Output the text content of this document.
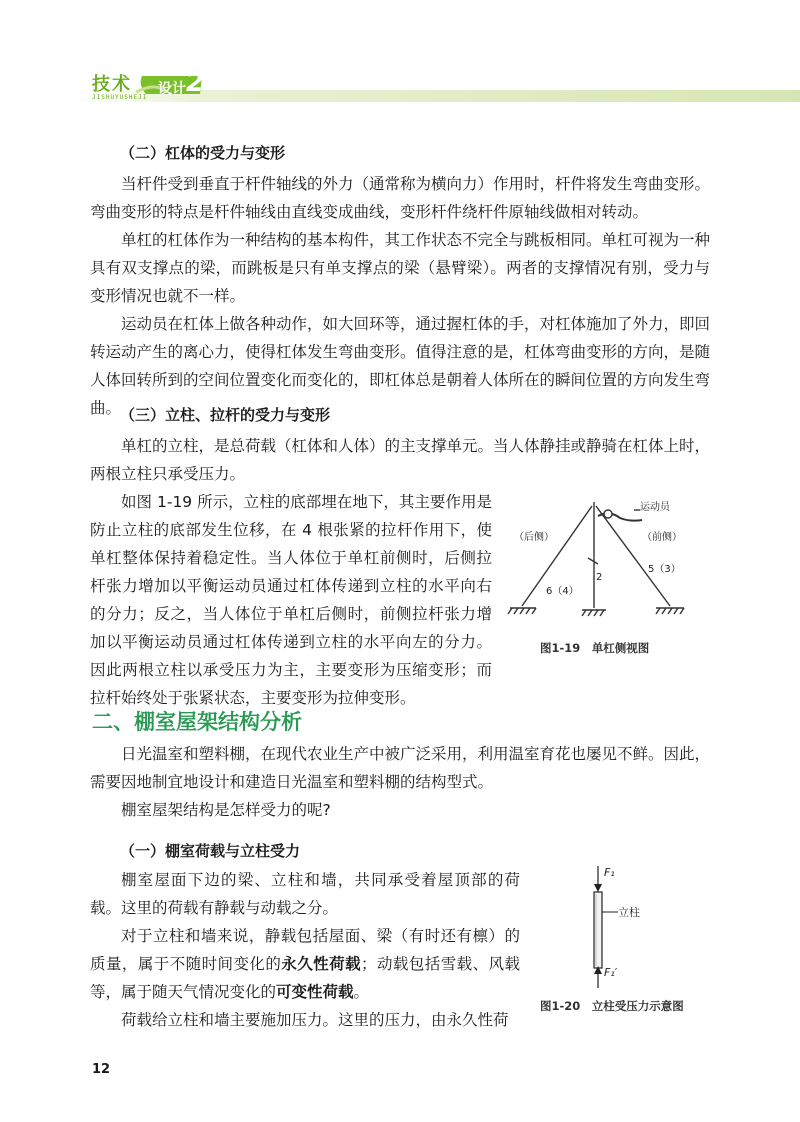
技术
JISHUYUSHEJI
设计 2
（二）杠体的受力与变形

当杆件受到垂直于杆件轴线的外力（通常称为横向力）作用时，杆件将发生弯曲变形。弯曲变形的特点是杆件轴线由直线变成曲线，变形杆件绕杆件原轴线做相对转动。

单杠的杠体作为一种结构的基本构件，其工作状态不完全与跳板相同。单杠可视为一种具有双支撑点的梁，而跳板是只有单支撑点的梁（悬臂梁）。两者的支撑情况有别，受力与变形情况也就不一样。

运动员在杠体上做各种动作，如大回环等，通过握杠体的手，对杠体施加了外力，即回转运动产生的离心力，使得杠体发生弯曲变形。值得注意的是，杠体弯曲变形的方向，是随人体回转所到的空间位置变化而变化的，即杠体总是朝着人体所在的瞬间位置的方向发生弯曲。

（三）立柱、拉杆的受力与变形

单杠的立柱，是总荷载（杠体和人体）的主支撑单元。当人体静挂或静骑在杠体上时，两根立柱只承受压力。

如图 1-19 所示，立柱的底部埋在地下，其主要作用是防止立柱的底部发生位移，在 4 根张紧的拉杆作用下，使单杠整体保持着稳定性。当人体位于单杠前侧时，后侧拉杆张力增加以平衡运动员通过杠体传递到立柱的水平向右的分力；反之，当人体位于单杠后侧时，前侧拉杆张力增加以平衡运动员通过杠体传递到立柱的水平向左的分力。因此两根立柱以承受压力为主，主要变形为压缩变形；而拉杆始终处于张紧状态，主要变形为拉伸变形。

运动员
（后侧）	（前侧）
2
5（3）
6（4）
图1-19　单杠侧视图
二、棚室屋架结构分析

日光温室和塑料棚，在现代农业生产中被广泛采用，利用温室育花也屡见不鲜。因此，需要因地制宜地设计和建造日光温室和塑料棚的结构型式。

棚室屋架结构是怎样受力的呢?

（一）棚室荷载与立柱受力

棚室屋面下边的梁、立柱和墙，共同承受着屋顶部的荷载。这里的荷载有静载与动载之分。

对于立柱和墙来说，静载包括屋面、梁（有时还有檩）的质量，属于不随时间变化的永久性荷载；动载包括雪载、风载等，属于随天气情况变化的可变性荷载。

荷载给立柱和墙主要施加压力。这里的压力，由永久性荷

F₁
立柱
F₁′
图1-20　立柱受压力示意图
12
